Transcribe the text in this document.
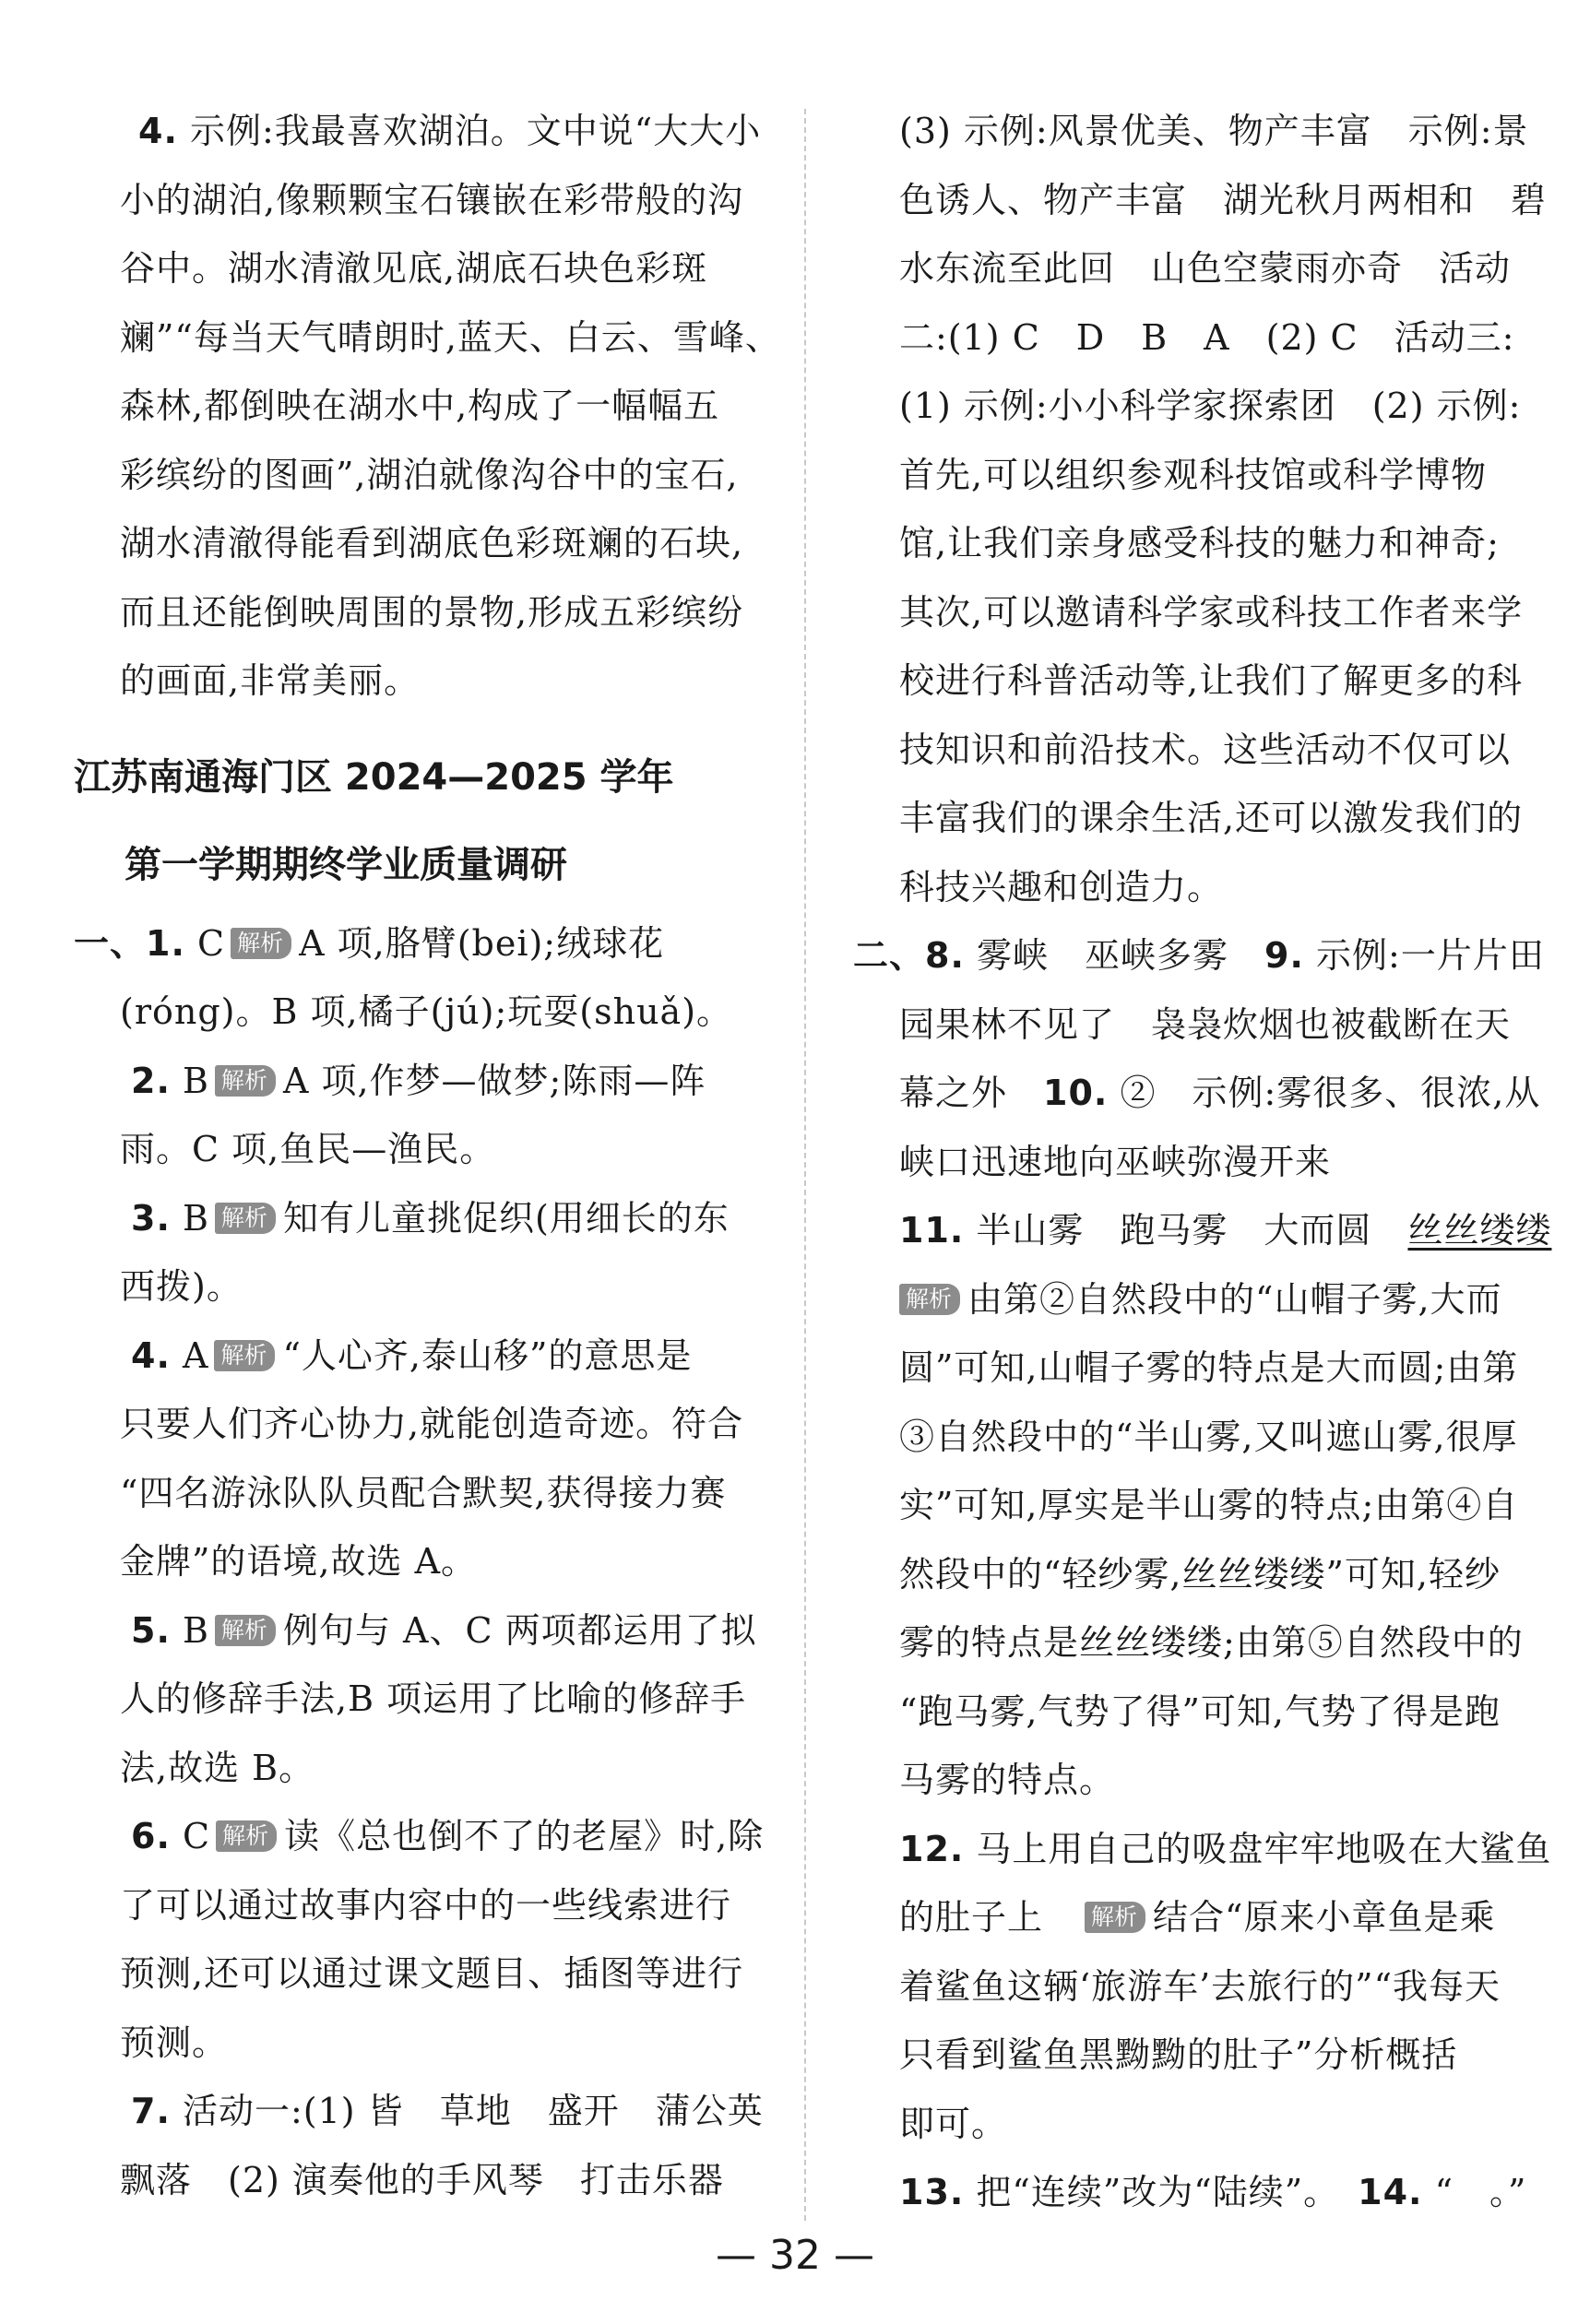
4. 示例:我最喜欢湖泊。文中说“大大小
小的湖泊,像颗颗宝石镶嵌在彩带般的沟
谷中。湖水清澈见底,湖底石块色彩斑
斓”“每当天气晴朗时,蓝天、白云、雪峰、
森林,都倒映在湖水中,构成了一幅幅五
彩缤纷的图画”,湖泊就像沟谷中的宝石,
湖水清澈得能看到湖底色彩斑斓的石块,
而且还能倒映周围的景物,形成五彩缤纷
的画面,非常美丽。
江苏南通海门区 2024—2025 学年
第一学期期终学业质量调研
一、1. C 解析 A 项,胳臂(bei);绒球花
(róng)。B 项,橘子(jú);玩耍(shuǎ)。
2. B 解析 A 项,作梦—做梦;陈雨—阵
雨。C 项,鱼民—渔民。
3. B 解析 知有儿童挑促织(用细长的东
西拨)。
4. A 解析 “人心齐,泰山移”的意思是
只要人们齐心协力,就能创造奇迹。符合
“四名游泳队队员配合默契,获得接力赛
金牌”的语境,故选 A。
5. B 解析 例句与 A、C 两项都运用了拟
人的修辞手法,B 项运用了比喻的修辞手
法,故选 B。
6. C 解析 读《总也倒不了的老屋》时,除
了可以通过故事内容中的一些线索进行
预测,还可以通过课文题目、插图等进行
预测。
7. 活动一:(1) 皆　草地　盛开　蒲公英
飘落　(2) 演奏他的手风琴　打击乐器
(3) 示例:风景优美、物产丰富　示例:景
色诱人、物产丰富　湖光秋月两相和　碧
水东流至此回　山色空蒙雨亦奇　活动
二:(1) C　D　B　A　(2) C　活动三:
(1) 示例:小小科学家探索团　(2) 示例:
首先,可以组织参观科技馆或科学博物
馆,让我们亲身感受科技的魅力和神奇;
其次,可以邀请科学家或科技工作者来学
校进行科普活动等,让我们了解更多的科
技知识和前沿技术。这些活动不仅可以
丰富我们的课余生活,还可以激发我们的
科技兴趣和创造力。
二、8. 雾峡　巫峡多雾　 9. 示例:一片片田
园果林不见了　袅袅炊烟也被截断在天
幕之外　 10. ②　示例:雾很多、很浓,从
峡口迅速地向巫峡弥漫开来
11. 半山雾　跑马雾　大而圆　 丝丝缕缕
解析 由第②自然段中的“山帽子雾,大而
圆”可知,山帽子雾的特点是大而圆;由第
③自然段中的“半山雾,又叫遮山雾,很厚
实”可知,厚实是半山雾的特点;由第④自
然段中的“轻纱雾,丝丝缕缕”可知,轻纱
雾的特点是丝丝缕缕;由第⑤自然段中的
“跑马雾,气势了得”可知,气势了得是跑
马雾的特点。
12. 马上用自己的吸盘牢牢地吸在大鲨鱼
的肚子上　 解析 结合“原来小章鱼是乘
着鲨鱼这辆‘旅游车’去旅行的”“我每天
只看到鲨鱼黑黝黝的肚子”分析概括
即可。
13. 把“连续”改为“陆续”。　 14. “　。”
— 32 —
